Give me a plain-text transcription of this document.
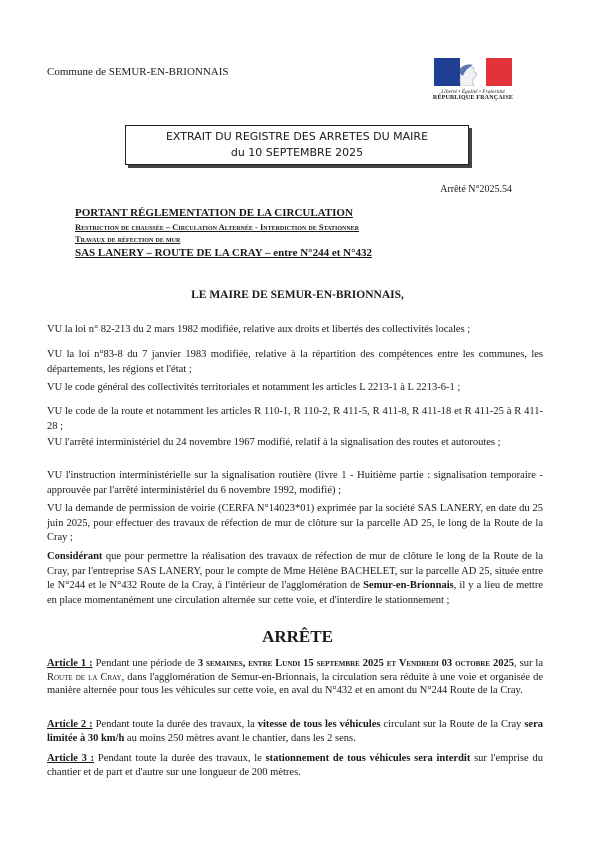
Commune de SEMUR-EN-BRIONNAIS
Liberté • Égalité • Fraternité
RÉPUBLIQUE FRANÇAISE
EXTRAIT DU REGISTRE DES ARRETES DU MAIRE
du 10 SEPTEMBRE 2025
Arrêté N°2025.54
PORTANT RÉGLEMENTATION DE LA CIRCULATION
Restriction de chaussée – Circulation Alternée - Interdiction de Stationner
Travaux de réfection de mur
SAS LANERY – ROUTE DE LA CRAY – entre N°244 et N°432
LE MAIRE DE SEMUR-EN-BRIONNAIS,
VU la loi n° 82-213 du 2 mars 1982 modifiée, relative aux droits et libertés des collectivités locales ;
VU la loi n°83-8 du 7 janvier 1983 modifiée, relative à la répartition des compétences entre les communes, les départements, les régions et l'état ;
VU le code général des collectivités territoriales et notamment les articles L 2213-1 à L 2213-6-1 ;
VU le code de la route et notamment les articles R 110-1, R 110-2, R 411-5, R 411-8, R 411-18 et R 411-25 à R 411-28 ;
VU l'arrêté interministériel du 24 novembre 1967 modifié, relatif à la signalisation des routes et autoroutes ;
VU l'instruction interministérielle sur la signalisation routière (livre 1 - Huitième partie : signalisation temporaire - approuvée par l'arrêté interministériel du 6 novembre 1992, modifié) ;
VU la demande de permission de voirie (CERFA N°14023*01) exprimée par la société SAS LANERY, en date du 25 juin 2025, pour effectuer des travaux de réfection de mur de clôture sur la parcelle AD 25, le long de la Route de la Cray ;
Considérant que pour permettre la réalisation des travaux de réfection de mur de clôture le long de la Route de la Cray, par l'entreprise SAS LANERY, pour le compte de Mme Hélène BACHELET, sur la parcelle AD 25, située entre le N°244 et le N°432 Route de la Cray, à l'intérieur de l'agglomération de Semur-en-Brionnais, il y a lieu de mettre en place momentanément une circulation alternée sur cette voie, et d'interdire le stationnement ;
ARRÊTE
Article 1 : Pendant une période de 3 semaines, entre Lundi 15 septembre 2025 et Vendredi 03 octobre 2025, sur la Route de la Cray, dans l'agglomération de Semur-en-Brionnais, la circulation sera réduite à une voie et organisée de manière alternée pour tous les véhicules sur cette voie, en aval du N°432 et en amont du N°244 Route de la Cray.
Article 2 : Pendant toute la durée des travaux, la vitesse de tous les véhicules circulant sur la Route de la Cray sera limitée à 30 km/h au moins 250 mètres avant le chantier, dans les 2 sens.
Article 3 : Pendant toute la durée des travaux, le stationnement de tous véhicules sera interdit sur l'emprise du chantier et de part et d'autre sur une longueur de 200 mètres.
